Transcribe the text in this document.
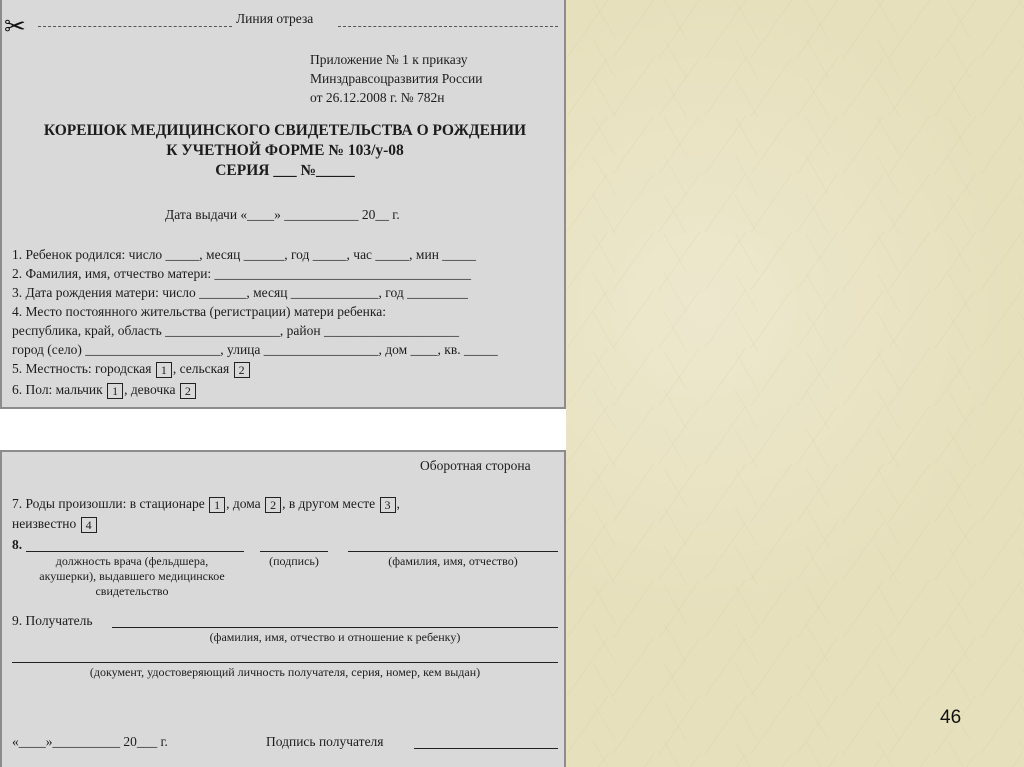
✂	Линия отреза
Приложение № 1 к приказу
Минздравсоцразвития России
от 26.12.2008 г. № 782н
КОРЕШОК МЕДИЦИНСКОГО СВИДЕТЕЛЬСТВА О РОЖДЕНИИ
К УЧЕТНОЙ ФОРМЕ № 103/у-08
СЕРИЯ ___ №_____
Дата выдачи «____» ___________ 20__ г.
1. Ребенок родился: число _____, месяц ______, год _____, час _____, мин _____
2. Фамилия, имя, отчество матери: ______________________________________
3. Дата рождения матери: число _______, месяц _____________, год _________
4. Место постоянного жительства (регистрации) матери ребенка:
республика, край, область _________________, район ____________________
город (село) ____________________, улица _________________, дом ____, кв. _____
5. Местность: городская 1 , сельская 2
6. Пол: мальчик 1 , девочка 2
Оборотная сторона
7. Роды произошли: в стационаре 1 , дома 2 , в другом месте 3 ,
неизвестно 4
8.
должность врача (фельдшера,
акушерки), выдавшего медицинское
свидетельство
(подпись)	(фамилия, имя, отчество)
9. Получатель
(фамилия, имя, отчество и отношение к ребенку)
(документ, удостоверяющий личность получателя, серия, номер, кем выдан)
«____»__________ 20___ г.	Подпись получателя
46
